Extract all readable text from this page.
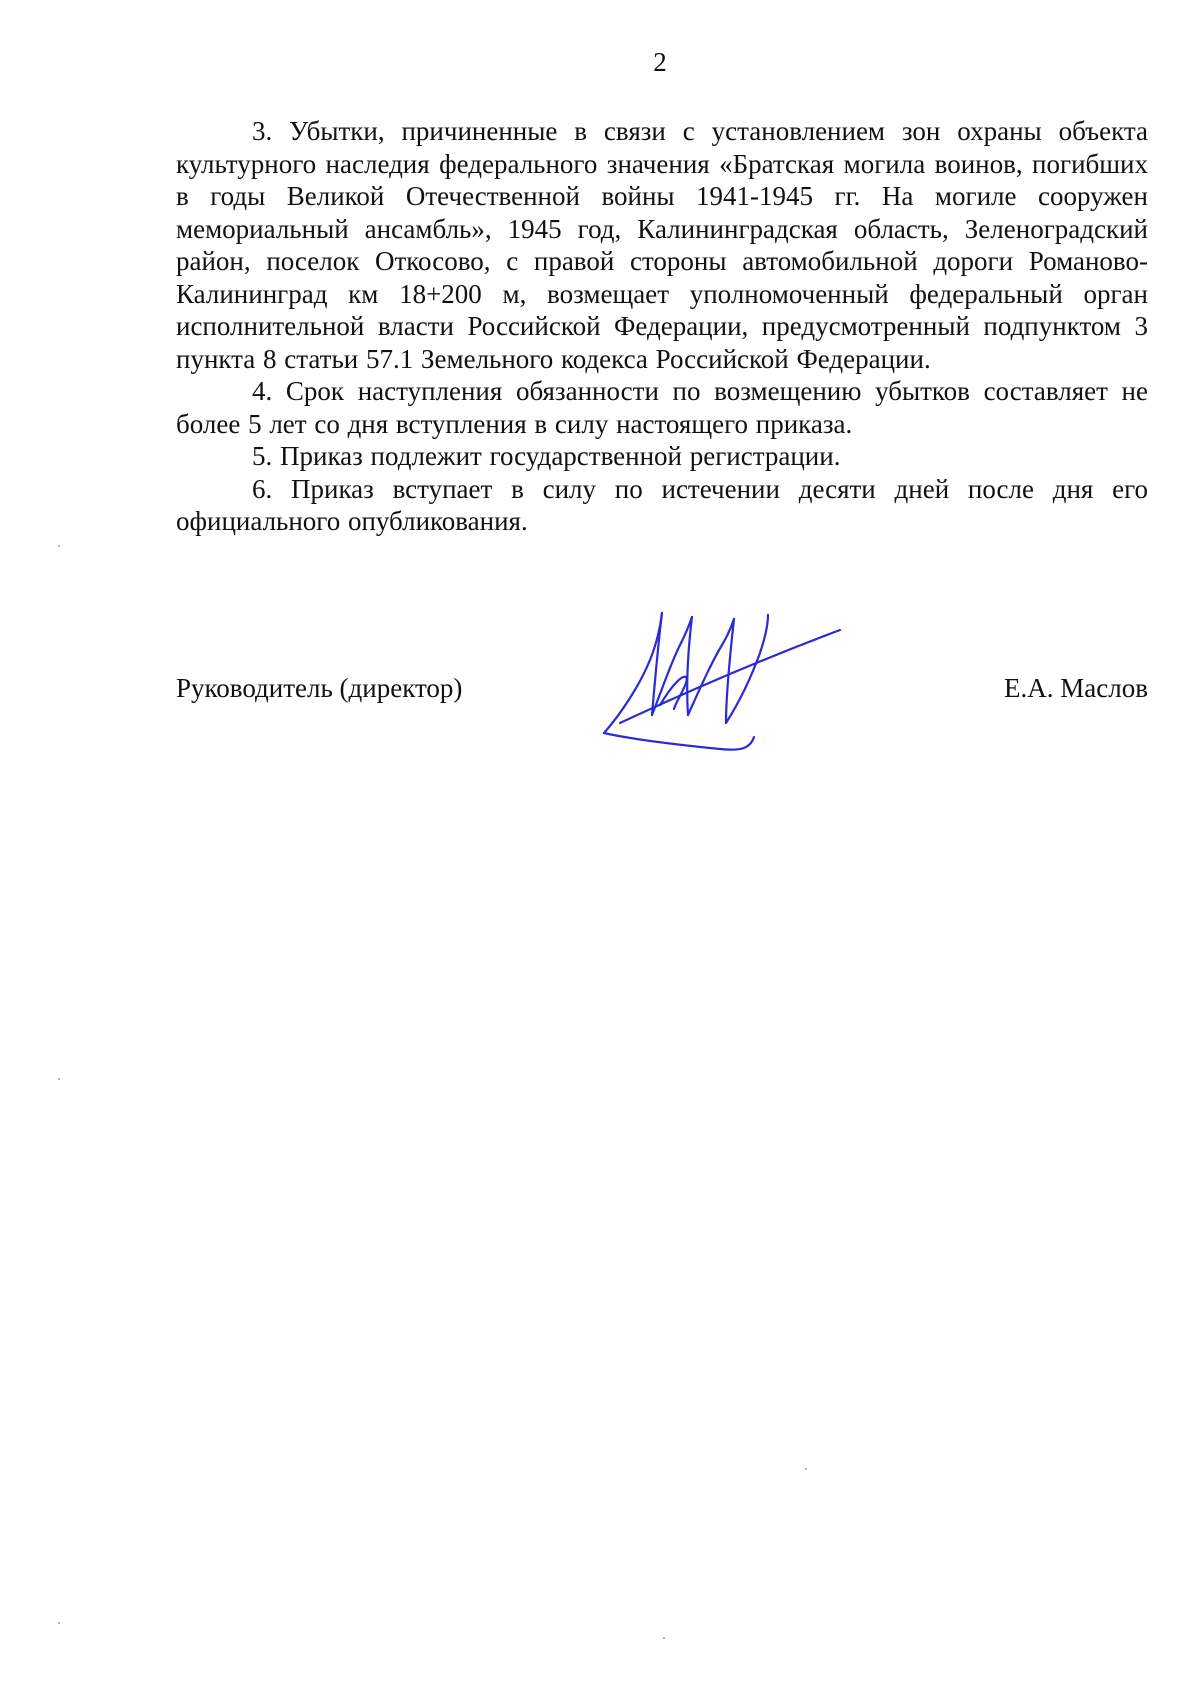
2

3. Убытки, причиненные в связи с установлением зон охраны объекта культурного наследия федерального значения «Братская могила воинов, погибших в годы Великой Отечественной войны 1941-1945 гг. На могиле сооружен мемориальный ансамбль», 1945 год, Калининградская область, Зеленоградский район, поселок Откосово, с правой стороны автомобильной дороги Романово-Калининград км 18+200 м, возмещает уполномоченный федеральный орган исполнительной власти Российской Федерации, предусмотренный подпунктом 3 пункта 8 статьи 57.1 Земельного кодекса Российской Федерации.

4. Срок наступления обязанности по возмещению убытков составляет не более 5 лет со дня вступления в силу настоящего приказа.

5. Приказ подлежит государственной регистрации.

6. Приказ вступает в силу по истечении десяти дней после дня его официального опубликования.

Руководитель (директор)	Е.А. Маслов
